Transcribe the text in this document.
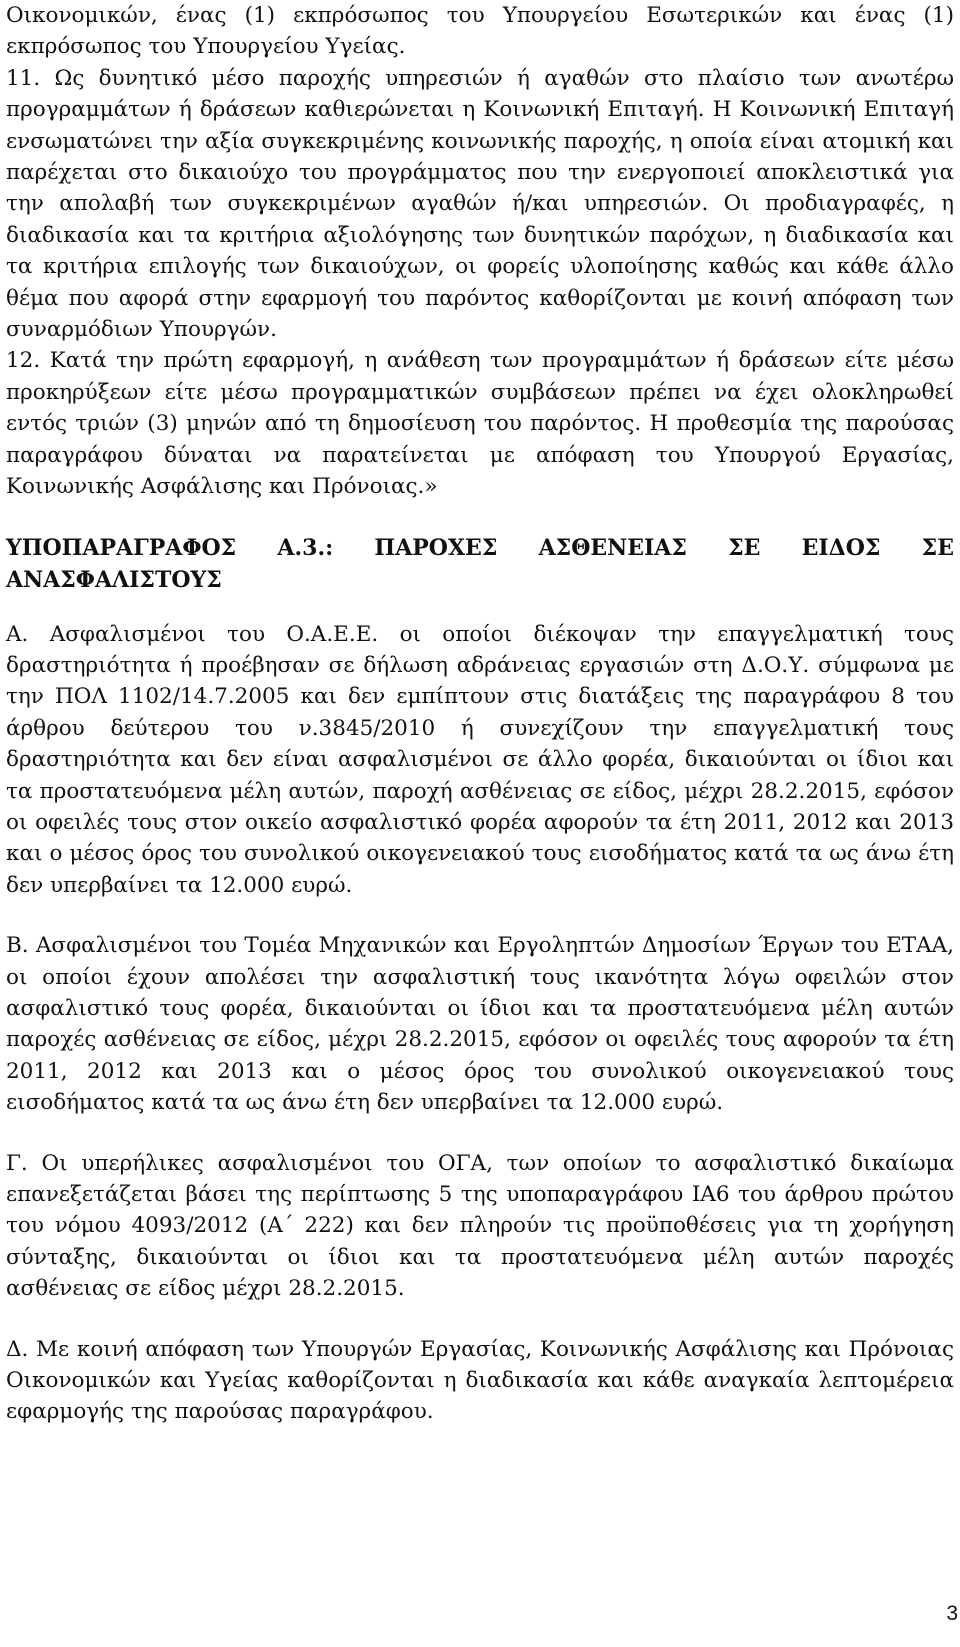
Οικονομικών, ένας (1) εκπρόσωπος του Υπουργείου Εσωτερικών και ένας (1) εκπρόσωπος του Υπουργείου Υγείας.

11. Ως δυνητικό μέσο παροχής υπηρεσιών ή αγαθών στο πλαίσιο των ανωτέρω προγραμμάτων ή δράσεων καθιερώνεται η Κοινωνική Επιταγή. Η Κοινωνική Επιταγή ενσωματώνει την αξία συγκεκριμένης κοινωνικής παροχής, η οποία είναι ατομική και παρέχεται στο δικαιούχο του προγράμματος που την ενεργοποιεί αποκλειστικά για την απολαβή των συγκεκριμένων αγαθών ή/και υπηρεσιών. Οι προδιαγραφές, η διαδικασία και τα κριτήρια αξιολόγησης των δυνητικών παρόχων, η διαδικασία και τα κριτήρια επιλογής των δικαιούχων, οι φορείς υλοποίησης καθώς και κάθε άλλο θέμα που αφορά στην εφαρμογή του παρόντος καθορίζονται με κοινή απόφαση των συναρμόδιων Υπουργών.

12. Κατά την πρώτη εφαρμογή, η ανάθεση των προγραμμάτων ή δράσεων είτε μέσω προκηρύξεων είτε μέσω προγραμματικών συμβάσεων πρέπει να έχει ολοκληρωθεί εντός τριών (3) μηνών από τη δημοσίευση του παρόντος. Η προθεσμία της παρούσας παραγράφου δύναται να παρατείνεται με απόφαση του Υπουργού Εργασίας, Κοινωνικής Ασφάλισης και Πρόνοιας.»

ΥΠΟΠΑΡΑΓΡΑΦΟΣ Α.3.: ΠΑΡΟΧΕΣ ΑΣΘΕΝΕΙΑΣ ΣΕ ΕΙΔΟΣ ΣΕ ΑΝΑΣΦΑΛΙΣΤΟΥΣ

Α. Ασφαλισμένοι του Ο.Α.Ε.Ε. οι οποίοι διέκοψαν την επαγγελματική τους δραστηριότητα ή προέβησαν σε δήλωση αδράνειας εργασιών στη Δ.Ο.Υ. σύμφωνα με την ΠΟΛ 1102/14.7.2005 και δεν εμπίπτουν στις διατάξεις της παραγράφου 8 του άρθρου δεύτερου του ν.3845/2010 ή συνεχίζουν την επαγγελματική τους δραστηριότητα και δεν είναι ασφαλισμένοι σε άλλο φορέα, δικαιούνται οι ίδιοι και τα προστατευόμενα μέλη αυτών, παροχή ασθένειας σε είδος, μέχρι 28.2.2015, εφόσον οι οφειλές τους στον οικείο ασφαλιστικό φορέα αφορούν τα έτη 2011, 2012 και 2013 και ο μέσος όρος του συνολικού οικογενειακού τους εισοδήματος κατά τα ως άνω έτη δεν υπερβαίνει τα 12.000 ευρώ.

Β. Ασφαλισμένοι του Τομέα Μηχανικών και Εργοληπτών Δημοσίων Έργων του ΕΤΑΑ, οι οποίοι έχουν απολέσει την ασφαλιστική τους ικανότητα λόγω οφειλών στον ασφαλιστικό τους φορέα, δικαιούνται οι ίδιοι και τα προστατευόμενα μέλη αυτών παροχές ασθένειας σε είδος, μέχρι 28.2.2015, εφόσον οι οφειλές τους αφορούν τα έτη 2011, 2012 και 2013 και ο μέσος όρος του συνολικού οικογενειακού τους εισοδήματος κατά τα ως άνω έτη δεν υπερβαίνει τα 12.000 ευρώ.

Γ. Οι υπερήλικες ασφαλισμένοι του ΟΓΑ, των οποίων το ασφαλιστικό δικαίωμα επανεξετάζεται βάσει της περίπτωσης 5 της υποπαραγράφου ΙΑ6 του άρθρου πρώτου του νόμου 4093/2012 (Α΄ 222) και δεν πληρούν τις προϋποθέσεις για τη χορήγηση σύνταξης, δικαιούνται οι ίδιοι και τα προστατευόμενα μέλη αυτών παροχές ασθένειας σε είδος μέχρι 28.2.2015.

Δ. Με κοινή απόφαση των Υπουργών Εργασίας, Κοινωνικής Ασφάλισης και Πρόνοιας Οικονομικών και Υγείας καθορίζονται η διαδικασία και κάθε αναγκαία λεπτομέρεια εφαρμογής της παρούσας παραγράφου.

3
